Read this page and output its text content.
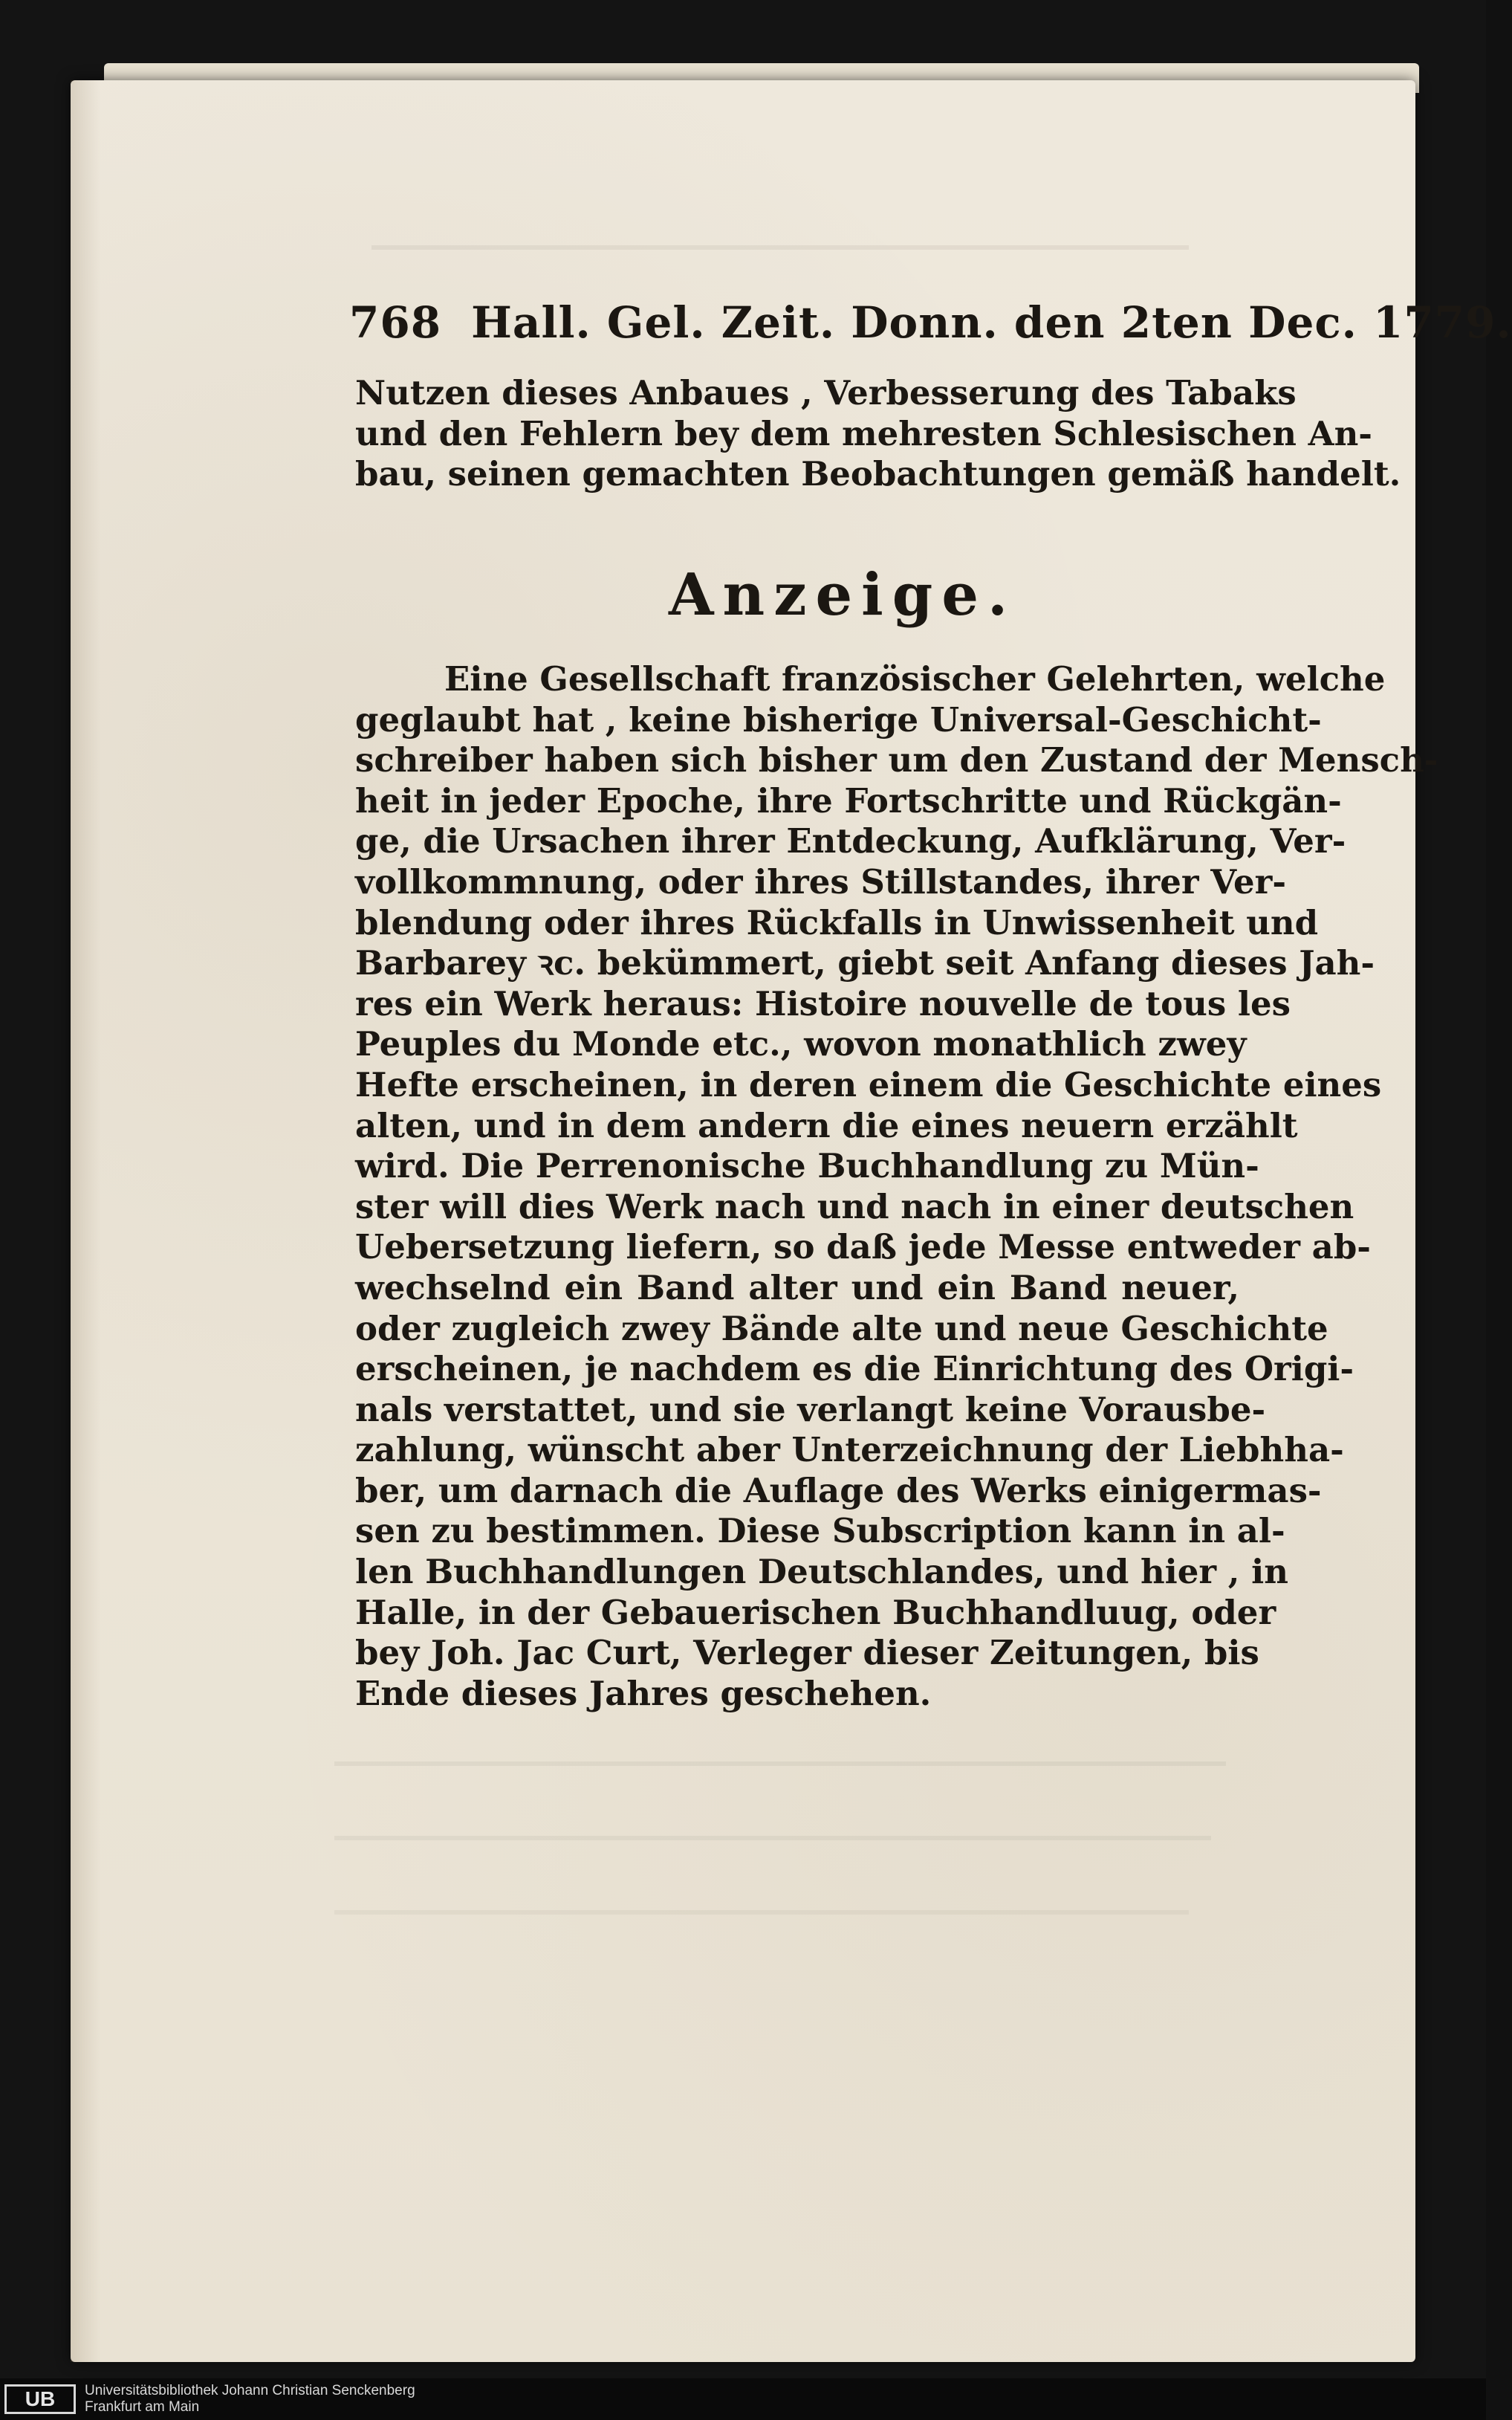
768 Hall. Gel. Zeit. Donn. den 2ten Dec. 1779.
Nutzen dieses Anbaues , Verbesserung des Tabaks
und den Fehlern bey dem mehresten Schlesischen An-
bau, seinen gemachten Beobachtungen gemäß handelt.
Anzeige.
Eine Gesellschaft französischer Gelehrten, welche
geglaubt hat , keine bisherige Universal-Geschicht-
schreiber haben sich bisher um den Zustand der Mensch-
heit in jeder Epoche, ihre Fortschritte und Rückgän-
ge, die Ursachen ihrer Entdeckung, Aufklärung, Ver-
vollkommnung, oder ihres Stillstandes, ihrer Ver-
blendung oder ihres Rückfalls in Unwissenheit und
Barbarey ꝛc. bekümmert, giebt seit Anfang dieses Jah-
res ein Werk heraus: Histoire nouvelle de tous les
Peuples du Monde etc., wovon monathlich zwey
Hefte erscheinen, in deren einem die Geschichte eines
alten, und in dem andern die eines neuern erzählt
wird. Die Perrenonische Buchhandlung zu Mün-
ster will dies Werk nach und nach in einer deutschen
Uebersetzung liefern, so daß jede Messe entweder ab-
wechselnd ein Band alter und ein Band neuer,
oder zugleich zwey Bände alte und neue Geschichte
erscheinen, je nachdem es die Einrichtung des Origi-
nals verstattet, und sie verlangt keine Vorausbe-
zahlung, wünscht aber Unterzeichnung der Liebhha-
ber, um darnach die Auflage des Werks einigermas-
sen zu bestimmen. Diese Subscription kann in al-
len Buchhandlungen Deutschlandes, und hier , in
Halle, in der Gebauerischen Buchhandluug, oder
bey Joh. Jac Curt, Verleger dieser Zeitungen, bis
Ende dieses Jahres geschehen.
UB	Universitätsbibliothek Johann Christian Senckenberg
Frankfurt am Main
